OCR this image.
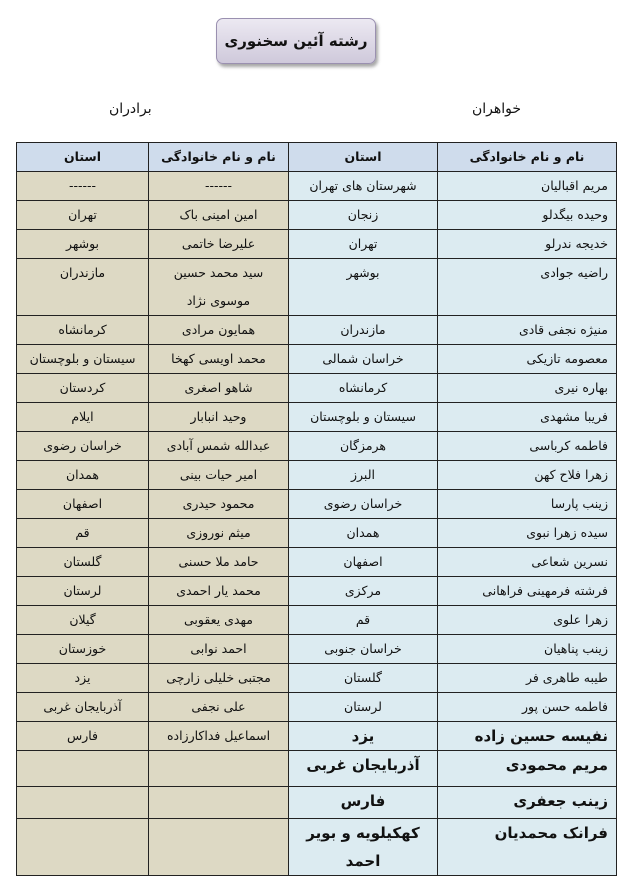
رشته آئین سخنوری
خواهران
برادران
نام و نام خانوادگی	استان	نام و نام خانوادگی	استان
مریم اقبالیان	شهرستان های تهران	------	------
وحیده بیگدلو	زنجان	امین امینی باک	تهران
خدیجه ندرلو	تهران	علیرضا خاتمی	بوشهر
راضیه جوادی	بوشهر	سید محمد حسین موسوی نژاد	مازندران
منیژه نجفی قادی	مازندران	همایون مرادی	کرمانشاه
معصومه تازیکی	خراسان شمالی	محمد اویسی کهخا	سیستان و بلوچستان
بهاره نیری	کرمانشاه	شاهو اصغری	کردستان
فریبا مشهدی	سیستان و بلوچستان	وحید انبابار	ایلام
فاطمه کرباسی	هرمزگان	عبدالله شمس آبادی	خراسان رضوی
زهرا فلاح کهن	البرز	امیر حیات بینی	همدان
زینب پارسا	خراسان رضوی	محمود حیدری	اصفهان
سیده زهرا نبوی	همدان	میثم نوروزی	قم
نسرین شعاعی	اصفهان	حامد ملا حسنی	گلستان
فرشته فرمهینی فراهانی	مرکزی	محمد یار احمدی	لرستان
زهرا علوی	قم	مهدی یعقوبی	گیلان
زینب پناهیان	خراسان جنوبی	احمد نوابی	خوزستان
طیبه طاهری فر	گلستان	مجتبی خلیلی زارچی	یزد
فاطمه حسن پور	لرستان	علی نجفی	آذربایجان غربی
نفیسه حسین زاده	یزد	اسماعیل فداکارزاده	فارس
مریم محمودی	آذربایجان غربی		
زینب جعفری	فارس		
فرانک محمدیان	کهکیلویه و بویر احمد		
